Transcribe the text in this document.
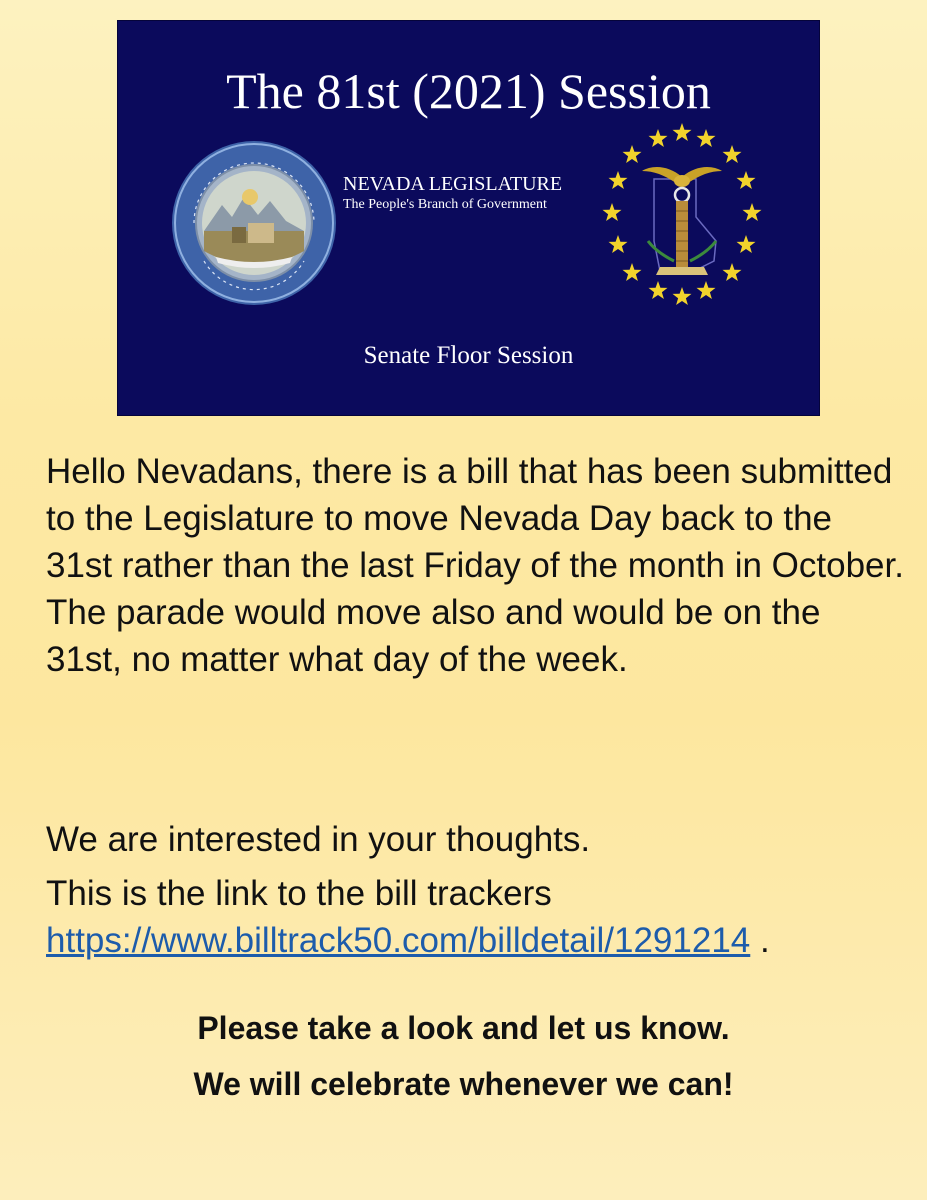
The 81st (2021) Session
NEVADA LEGISLATURE
The People's Branch of Government
Senate Floor Session

Hello Nevadans, there is a bill that has been submitted to the Legislature to move Nevada Day back to the 31st rather than the last Friday of the month in October. The parade would move also and would be on the 31st, no matter what day of the week.

We are interested in your thoughts.

This is the link to the bill trackers https://www.billtrack50.com/billdetail/1291214 .

Please take a look and let us know.

We will celebrate whenever we can!
